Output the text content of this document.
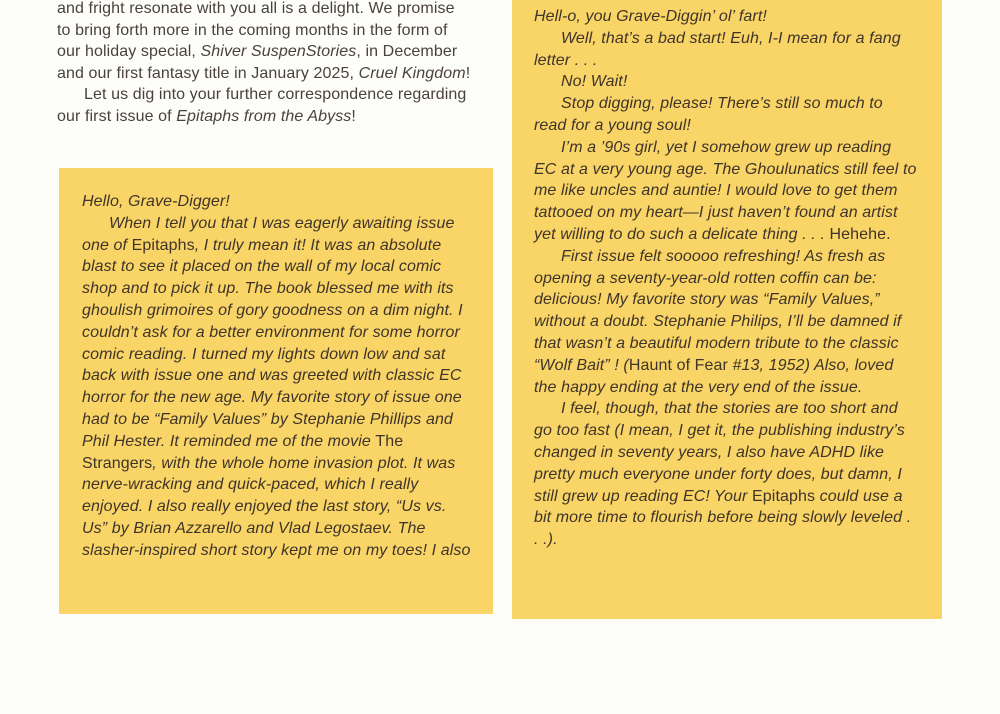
and fright resonate with you all is a delight. We promise to bring forth more in the coming months in the form of our holiday special, Shiver SuspenStories, in December and our first fantasy title in January 2025, Cruel Kingdom!

Let us dig into your further correspondence regarding our first issue of Epitaphs from the Abyss!

Hello, Grave-Digger!

When I tell you that I was eagerly awaiting issue one of Epitaphs, I truly mean it! It was an absolute blast to see it placed on the wall of my local comic shop and to pick it up. The book blessed me with its ghoulish grimoires of gory goodness on a dim night. I couldn’t ask for a better environment for some horror comic reading. I turned my lights down low and sat back with issue one and was greeted with classic EC horror for the new age. My favorite story of issue one had to be “Family Values” by Stephanie Phillips and Phil Hester. It reminded me of the movie The Strangers, with the whole home invasion plot. It was nerve-wracking and quick-paced, which I really enjoyed. I also really enjoyed the last story, “Us vs. Us” by Brian Azzarello and Vlad Legostaev. The slasher-inspired short story kept me on my toes! I also

Hell-o, you Grave-Diggin’ ol’ fart!

Well, that’s a bad start! Euh, I-I mean for a fang letter . . .

No! Wait!

Stop digging, please! There’s still so much to read for a young soul!

I’m a ’90s girl, yet I somehow grew up reading EC at a very young age. The Ghoulunatics still feel to me like uncles and auntie! I would love to get them tattooed on my heart—I just haven’t found an artist yet willing to do such a delicate thing . . . Hehehe.

First issue felt sooooo refreshing! As fresh as opening a seventy-year-old rotten coffin can be: delicious! My favorite story was “Family Values,” without a doubt. Stephanie Philips, I’ll be damned if that wasn’t a beautiful modern tribute to the classic “Wolf Bait” ! (Haunt of Fear #13, 1952) Also, loved the happy ending at the very end of the issue.

I feel, though, that the stories are too short and go too fast (I mean, I get it, the publishing industry’s changed in seventy years, I also have ADHD like pretty much everyone under forty does, but damn, I still grew up reading EC! Your Epitaphs could use a bit more time to flourish before being slowly leveled . . .).
